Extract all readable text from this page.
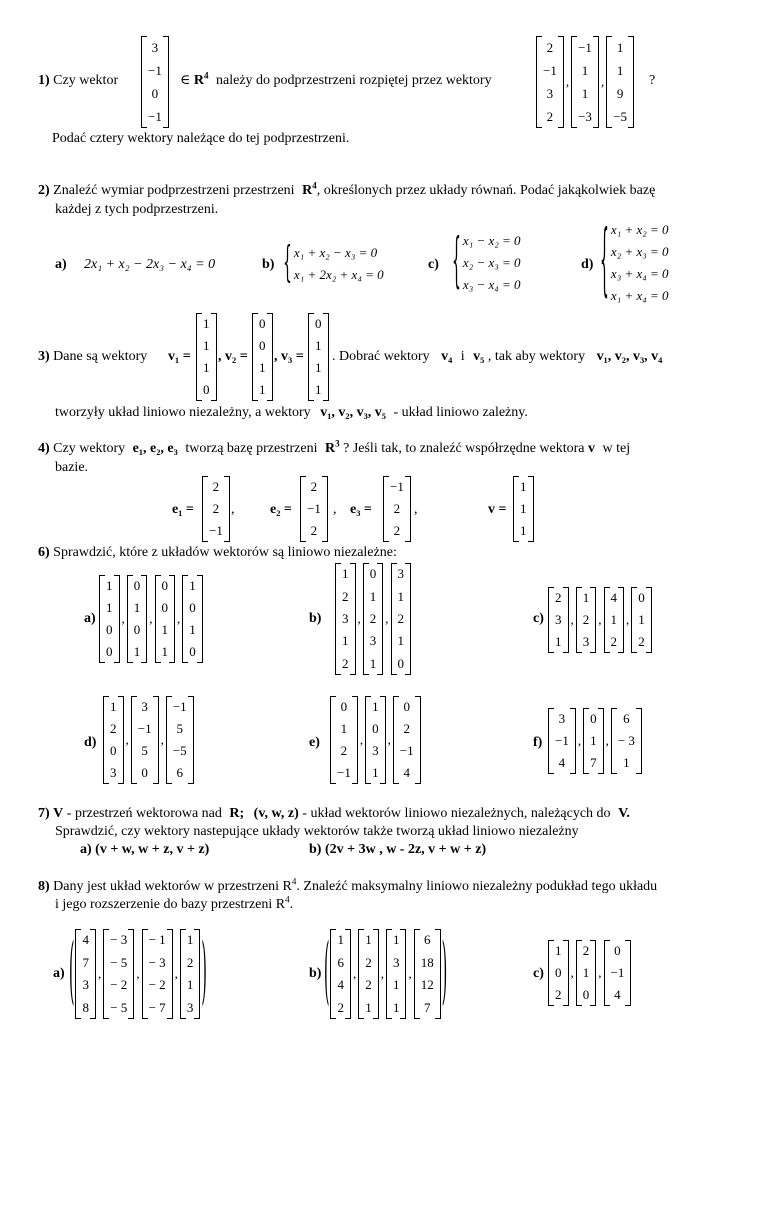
1) Czy wektor
3
−1
0
−1
∈ $R^4$ należy do podprzestrzeni rozpiętej przez wektory
2
−1
3
2
,
−1
1
1
−3
,
1
1
9
−5
?
Podać cztery wektory należące do tej podprzestrzeni.
2) Znaleźć wymiar podprzestrzeni przestrzeni $R^4$, określonych przez układy równań. Podać jakąkolwiek bazę
każdej z tych podprzestrzeni.
a) 2x₁ + x₂ − 2x₃ − x₄ = 0	b) { x₁ + x₂ − x₃ = 0
x₁ + 2x₂ + x₄ = 0
c) { x₁ − x₂ = 0
x₂ − x₃ = 0
x₃ − x₄ = 0
d) { x₁ + x₂ = 0
x₂ + x₃ = 0
x₃ + x₄ = 0
x₁ + x₄ = 0
3) Dane są wektory v₁ =
1
1
1
0
, v₂ =
0
0
1
1
, v₃ =
0
1
1
1
. Dobrać wektory v₄ i v₅ , tak aby wektory v₁, v₂, v₃, v₄
tworzyły układ liniowo niezależny, a wektory v₁, v₂, v₃, v₅ - układ liniowo zależny.
4) Czy wektory e₁, e₂, e₃ tworzą bazę przestrzeni $R^3$ ? Jeśli tak, to znaleźć współrzędne wektora v w tej
bazie.
e₁ =
2
2
−1
,	e₂ =
2
−1
2
, e₃ =
−1
2
2
,	v =
1
1
1
6) Sprawdzić, które z układów wektorów są liniowo niezależne:
a)
1
1
0
0
,
0
1
0
1
,
0
0
1
1
,
1
0
1
0
b)
1
2
3
1
2
,
0
1
2
3
1
,
3
1
2
1
0
c)
2
3
1
,
1
2
3
,
4
1
2
,
0
1
2
d)
1
2
0
3
,
3
−1
5
0
,
−1
5
−5
6
e)
0
1
2
−1
,
1
0
3
1
,
0
2
−1
4
f)
3
−1
4
,
0
1
7
,
6
− 3
1
7) V - przestrzeń wektorowa nad R; (v, w, z) - układ wektorów liniowo niezależnych, należących do V.
Sprawdzić, czy wektory nastepujące układy wektorów także tworzą układ liniowo niezależny
a) (v + w, w + z, v + z)	b) (2v + 3w , w - 2z, v + w + z)
8) Dany jest układ wektorów w przestrzeni $R^4$. Znaleźć maksymalny liniowo niezależny podukład tego układu
i jego rozszerzenie do bazy przestrzeni $R^4$.
a) ( 4
7
3
8
,
− 3
− 5
− 2
− 5
,
− 1
− 3
− 2
− 7
,
1
2
1
3 )	b) ( 1
6
4
2
,
1
2
2
1
,
1
3
1
1
,
6
18
12
7 )	c)
1
0
2
,
2
1
0
,
0
−1
4
